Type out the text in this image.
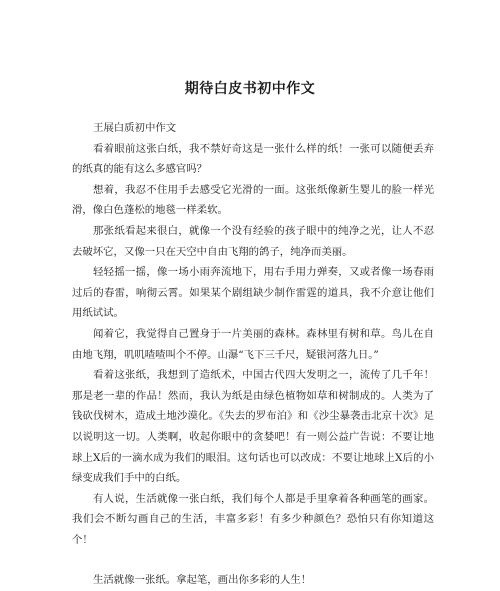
期待白皮书初中作文

王展白质初中作文

看着眼前这张白纸，我不禁好奇这是一张什么样的纸！一张可以随便丢弃的纸真的能有这么多感官吗？

想着，我忍不住用手去感受它光滑的一面。这张纸像新生婴儿的脸一样光滑，像白色蓬松的地毯一样柔软。

那张纸看起来很白，就像一个没有经验的孩子眼中的纯净之光，让人不忍去破坏它，又像一只在天空中自由飞翔的鸽子，纯净而美丽。

轻轻摇一摇，像一场小雨奔流地下，用右手用力弹奏，又或者像一场春雨过后的春雷，响彻云霄。如果某个剧组缺少制作雷霆的道具，我不介意让他们用纸试试。

闻着它，我觉得自己置身于一片美丽的森林。森林里有树和草。鸟儿在自由地飞翔，叽叽喳喳叫个不停。山瀑“飞下三千尺，疑银河落九日。”

看着这张纸，我想到了造纸术，中国古代四大发明之一，流传了几千年！那是老一辈的作品！然而，我认为纸是由绿色植物如草和树制成的。人类为了钱砍伐树木，造成土地沙漠化。《失去的罗布泊》和《沙尘暴袭击北京十次》足以说明这一切。人类啊，收起你眼中的贪婪吧！有一则公益广告说：不要让地球上X后的一滴水成为我们的眼泪。这句话也可以改成：不要让地球上X后的小绿变成我们手中的白纸。

有人说，生活就像一张白纸，我们每个人都是手里拿着各种画笔的画家。我们会不断勾画自己的生活，丰富多彩！有多少种颜色？恐怕只有你知道这个！

生活就像一张纸。拿起笔，画出你多彩的人生！
